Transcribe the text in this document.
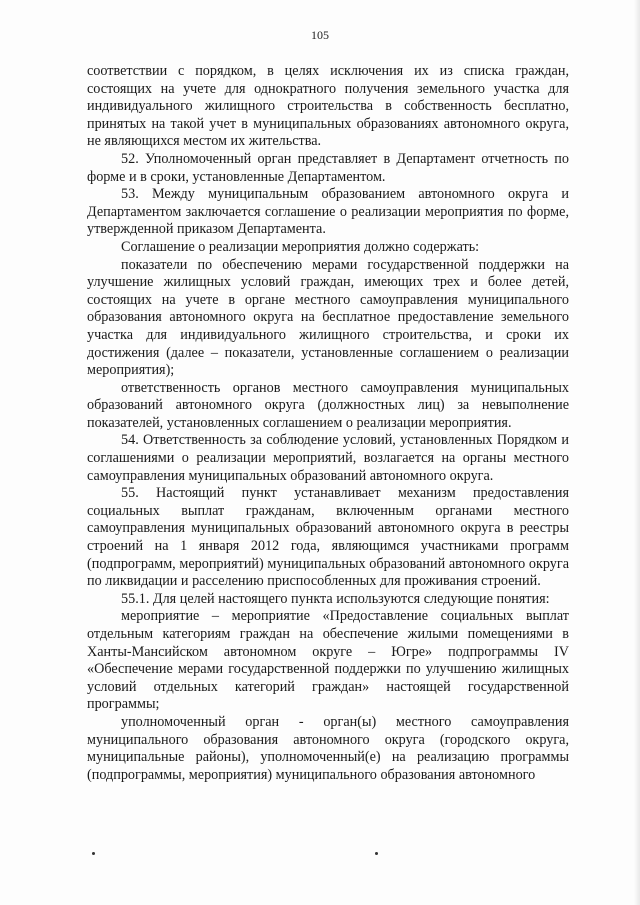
105

соответствии с порядком, в целях исключения их из списка граждан, состоящих на учете для однократного получения земельного участка для индивидуального жилищного строительства в собственность бесплатно, принятых на такой учет в муниципальных образованиях автономного округа, не являющихся местом их жительства.

52. Уполномоченный орган представляет в Департамент отчетность по форме и в сроки, установленные Департаментом.

53. Между муниципальным образованием автономного округа и Департаментом заключается соглашение о реализации мероприятия по форме, утвержденной приказом Департамента.

Соглашение о реализации мероприятия должно содержать:

показатели по обеспечению мерами государственной поддержки на улучшение жилищных условий граждан, имеющих трех и более детей, состоящих на учете в органе местного самоуправления муниципального образования автономного округа на бесплатное предоставление земельного участка для индивидуального жилищного строительства, и сроки их достижения (далее – показатели, установленные соглашением о реализации мероприятия);

ответственность органов местного самоуправления муниципальных образований автономного округа (должностных лиц) за невыполнение показателей, установленных соглашением о реализации мероприятия.

54. Ответственность за соблюдение условий, установленных Порядком и соглашениями о реализации мероприятий, возлагается на органы местного самоуправления муниципальных образований автономного округа.

55. Настоящий пункт устанавливает механизм предоставления социальных выплат гражданам, включенным органами местного самоуправления муниципальных образований автономного округа в реестры строений на 1 января 2012 года, являющимся участниками программ (подпрограмм, мероприятий) муниципальных образований автономного округа по ликвидации и расселению приспособленных для проживания строений.

55.1. Для целей настоящего пункта используются следующие понятия:

мероприятие – мероприятие «Предоставление социальных выплат отдельным категориям граждан на обеспечение жилыми помещениями в Ханты-Мансийском автономном округе – Югре» подпрограммы IV «Обеспечение мерами государственной поддержки по улучшению жилищных условий отдельных категорий граждан» настоящей государственной программы;

уполномоченный орган - орган(ы) местного самоуправления муниципального образования автономного округа (городского округа, муниципальные районы), уполномоченный(е) на реализацию программы (подпрограммы, мероприятия) муниципального образования автономного
